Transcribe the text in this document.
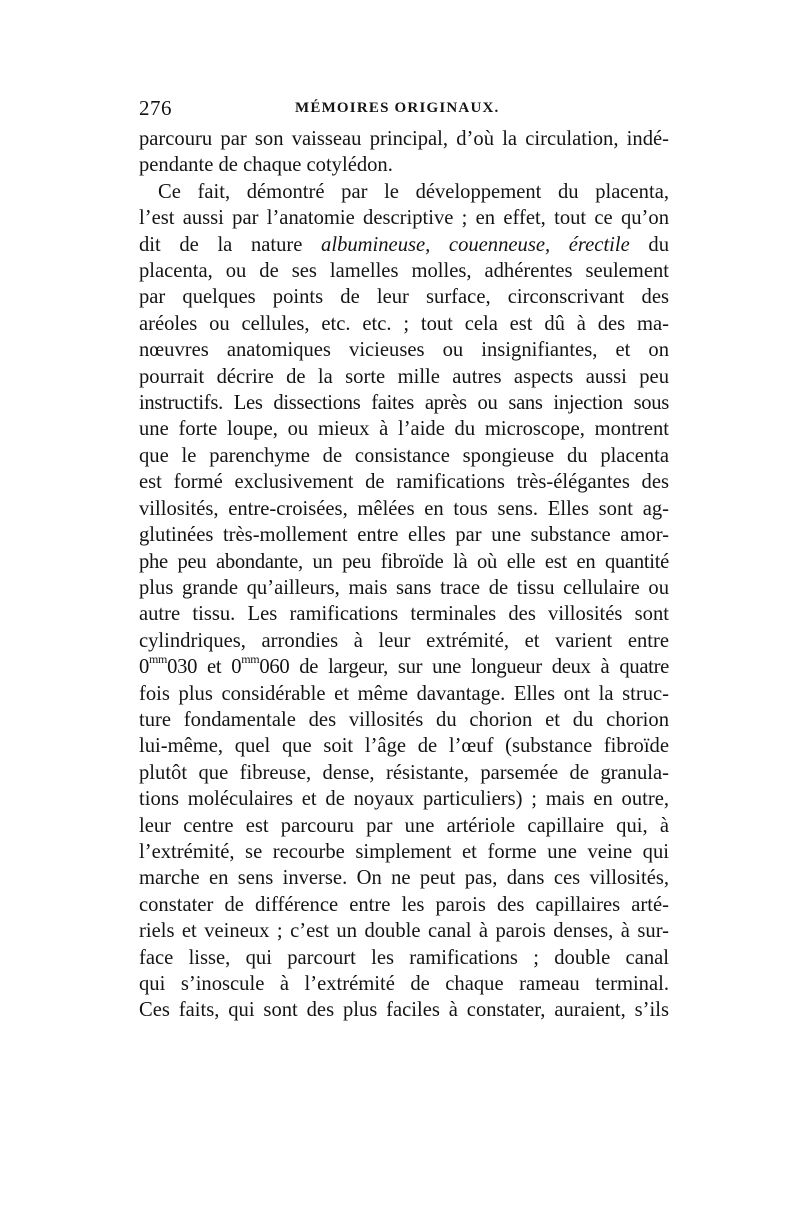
276	MÉMOIRES ORIGINAUX.
parcouru par son vaisseau principal, d’où la circulation, indé-
pendante de chaque cotylédon.
Ce fait, démontré par le développement du placenta,
l’est aussi par l’anatomie descriptive ; en effet, tout ce qu’on
dit de la nature albumineuse, couenneuse, érectile du
placenta, ou de ses lamelles molles, adhérentes seulement
par quelques points de leur surface, circonscrivant des
aréoles ou cellules, etc. etc. ; tout cela est dû à des ma-
nœuvres anatomiques vicieuses ou insignifiantes, et on
pourrait décrire de la sorte mille autres aspects aussi peu
instructifs. Les dissections faites après ou sans injection sous
une forte loupe, ou mieux à l’aide du microscope, montrent
que le parenchyme de consistance spongieuse du placenta
est formé exclusivement de ramifications très-élégantes des
villosités, entre-croisées, mêlées en tous sens. Elles sont ag-
glutinées très-mollement entre elles par une substance amor-
phe peu abondante, un peu fibroïde là où elle est en quantité
plus grande qu’ailleurs, mais sans trace de tissu cellulaire ou
autre tissu. Les ramifications terminales des villosités sont
cylindriques, arrondies à leur extrémité, et varient entre
$0^{mm}030$ et $0^{mm}060$ de largeur, sur une longueur deux à quatre
fois plus considérable et même davantage. Elles ont la struc-
ture fondamentale des villosités du chorion et du chorion
lui-même, quel que soit l’âge de l’œuf (substance fibroïde
plutôt que fibreuse, dense, résistante, parsemée de granula-
tions moléculaires et de noyaux particuliers) ; mais en outre,
leur centre est parcouru par une artériole capillaire qui, à
l’extrémité, se recourbe simplement et forme une veine qui
marche en sens inverse. On ne peut pas, dans ces villosités,
constater de différence entre les parois des capillaires arté-
riels et veineux ; c’est un double canal à parois denses, à sur-
face lisse, qui parcourt les ramifications ; double canal
qui s’inoscule à l’extrémité de chaque rameau terminal.
Ces faits, qui sont des plus faciles à constater, auraient, s’ils
